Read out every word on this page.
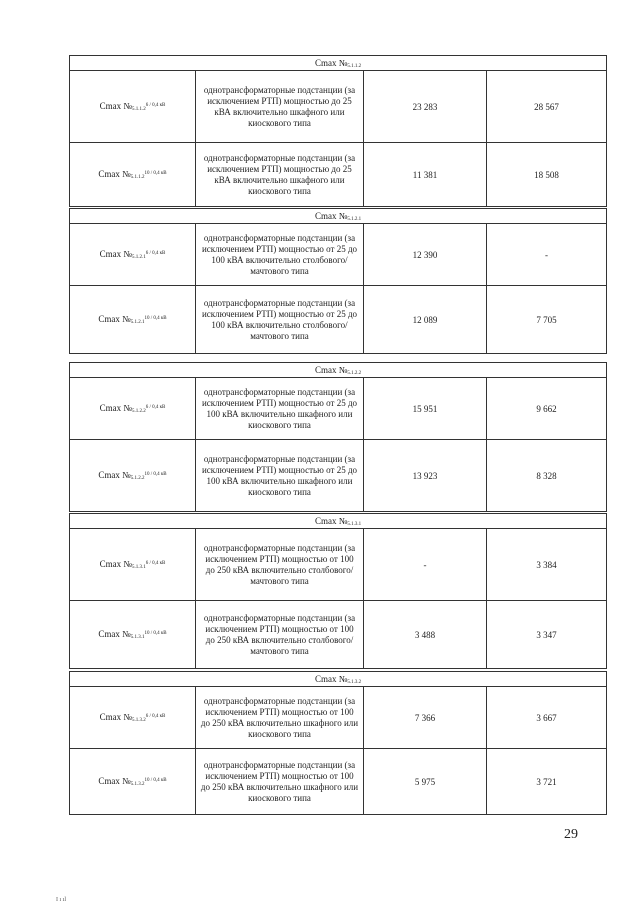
Cmax $№_{5.1.1.2}$
Cmax $№_{5.1.1.2}^{6 / 0,4 кВ}$	однотрансформаторные подстанции (за исключением РТП) мощностью до 25 кВА включительно шкафного или киоскового типа	23 283	28 567
Cmax $№_{5.1.1.2}^{10 / 0,4 кВ}$	однотрансформаторные подстанции (за исключением РТП) мощностью до 25 кВА включительно шкафного или киоскового типа	11 381	18 508
Cmax $№_{5.1.2.1}$
Cmax $№_{5.1.2.1}^{6 / 0,4 кВ}$	однотрансформаторные подстанции (за исключением РТП) мощностью от 25 до 100 кВА включительно столбового/мачтового типа	12 390	-
Cmax $№_{5.1.2.1}^{10 / 0,4 кВ}$	однотрансформаторные подстанции (за исключением РТП) мощностью от 25 до 100 кВА включительно столбового/мачтового типа	12 089	7 705
Cmax $№_{5.1.2.2}$
Cmax $№_{5.1.2.2}^{6 / 0,4 кВ}$	однотрансформаторные подстанции (за исключением РТП) мощностью от 25 до 100 кВА включительно шкафного или киоскового типа	15 951	9 662
Cmax $№_{5.1.2.2}^{10 / 0,4 кВ}$	однотрансформаторные подстанции (за исключением РТП) мощностью от 25 до 100 кВА включительно шкафного или киоскового типа	13 923	8 328
Cmax $№_{5.1.3.1}$
Cmax $№_{5.1.3.1}^{6 / 0,4 кВ}$	однотрансформаторные подстанции (за исключением РТП) мощностью от 100 до 250 кВА включительно столбового/мачтового типа	-	3 384
Cmax $№_{5.1.3.1}^{10 / 0,4 кВ}$	однотрансформаторные подстанции (за исключением РТП) мощностью от 100 до 250 кВА включительно столбового/мачтового типа	3 488	3 347
Cmax $№_{5.1.3.2}$
Cmax $№_{5.1.3.2}^{6 / 0,4 кВ}$	однотрансформаторные подстанции (за исключением РТП) мощностью от 100 до 250 кВА включительно шкафного или киоскового типа	7 366	3 667
Cmax $№_{5.1.3.2}^{10 / 0,4 кВ}$	однотрансформаторные подстанции (за исключением РТП) мощностью от 100 до 250 кВА включительно шкафного или киоскового типа	5 975	3 721
29
I ı ıl
